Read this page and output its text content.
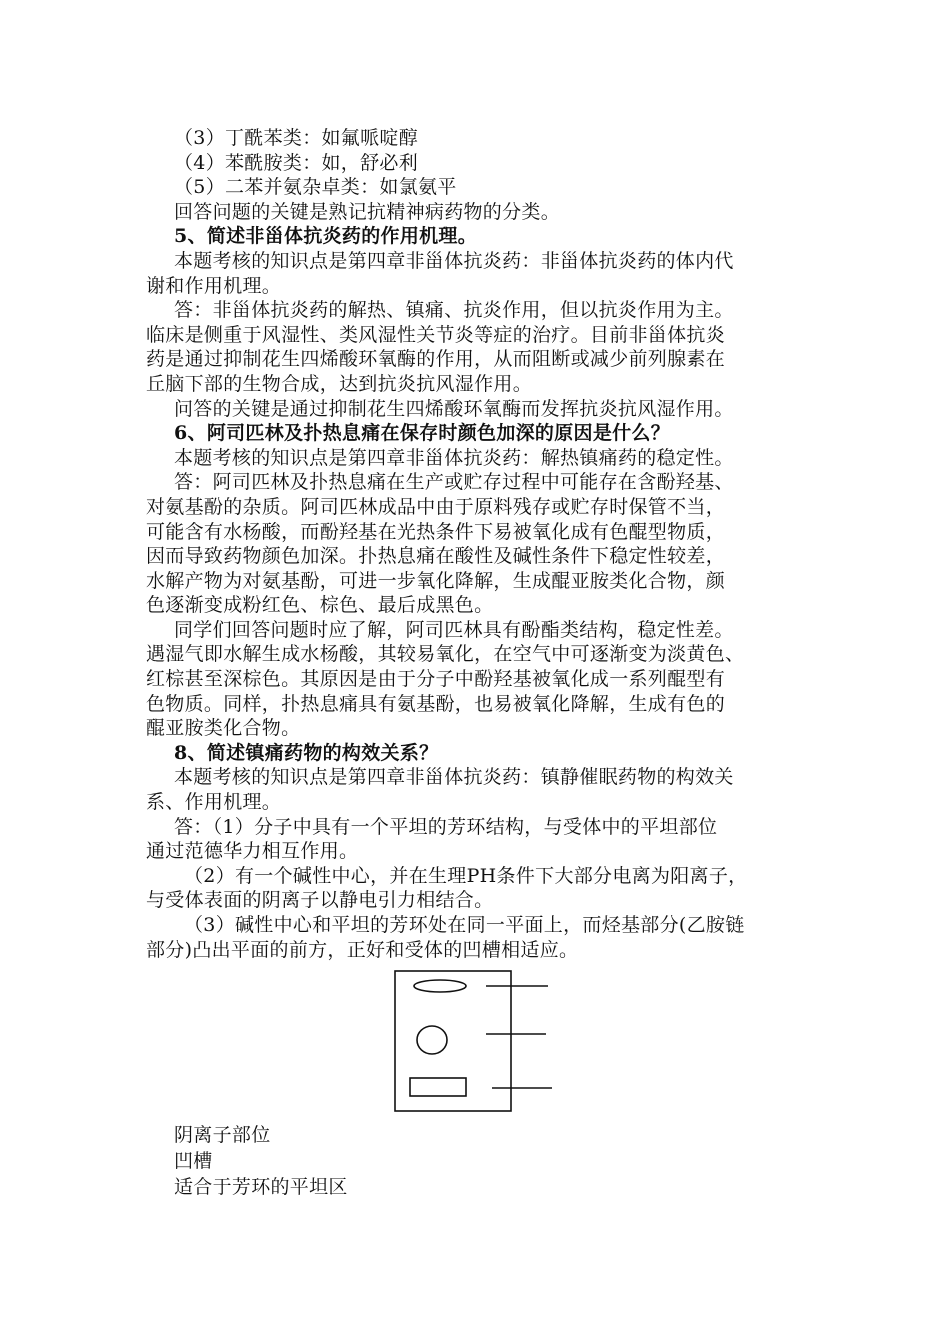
（3）丁酰苯类：如氟哌啶醇
（4）苯酰胺类：如，舒必利
（5）二苯并氨杂卓类：如氯氨平
回答问题的关键是熟记抗精神病药物的分类。
5、简述非甾体抗炎药的作用机理。
本题考核的知识点是第四章非甾体抗炎药：非甾体抗炎药的体内代
谢和作用机理。
答：非甾体抗炎药的解热、镇痛、抗炎作用，但以抗炎作用为主。
临床是侧重于风湿性、类风湿性关节炎等症的治疗。目前非甾体抗炎
药是通过抑制花生四烯酸环氧酶的作用，从而阻断或减少前列腺素在
丘脑下部的生物合成，达到抗炎抗风湿作用。
问答的关键是通过抑制花生四烯酸环氧酶而发挥抗炎抗风湿作用。
6、阿司匹林及扑热息痛在保存时颜色加深的原因是什么？
本题考核的知识点是第四章非甾体抗炎药：解热镇痛药的稳定性。
答：阿司匹林及扑热息痛在生产或贮存过程中可能存在含酚羟基、
对氨基酚的杂质。阿司匹林成品中由于原料残存或贮存时保管不当，
可能含有水杨酸，而酚羟基在光热条件下易被氧化成有色醌型物质，
因而导致药物颜色加深。扑热息痛在酸性及碱性条件下稳定性较差，
水解产物为对氨基酚，可进一步氧化降解，生成醌亚胺类化合物，颜
色逐渐变成粉红色、棕色、最后成黑色。
同学们回答问题时应了解，阿司匹林具有酚酯类结构，稳定性差。
遇湿气即水解生成水杨酸，其较易氧化，在空气中可逐渐变为淡黄色、
红棕甚至深棕色。其原因是由于分子中酚羟基被氧化成一系列醌型有
色物质。同样，扑热息痛具有氨基酚，也易被氧化降解，生成有色的
醌亚胺类化合物。
8、简述镇痛药物的构效关系？
本题考核的知识点是第四章非甾体抗炎药：镇静催眠药物的构效关
系、作用机理。
答：（1）分子中具有一个平坦的芳环结构，与受体中的平坦部位
通过范德华力相互作用。
（2）有一个碱性中心，并在生理PH条件下大部分电离为阳离子，
与受体表面的阴离子以静电引力相结合。
（3）碱性中心和平坦的芳环处在同一平面上，而烃基部分(乙胺链
部分)凸出平面的前方，正好和受体的凹槽相适应。
阴离子部位
凹槽
适合于芳环的平坦区
